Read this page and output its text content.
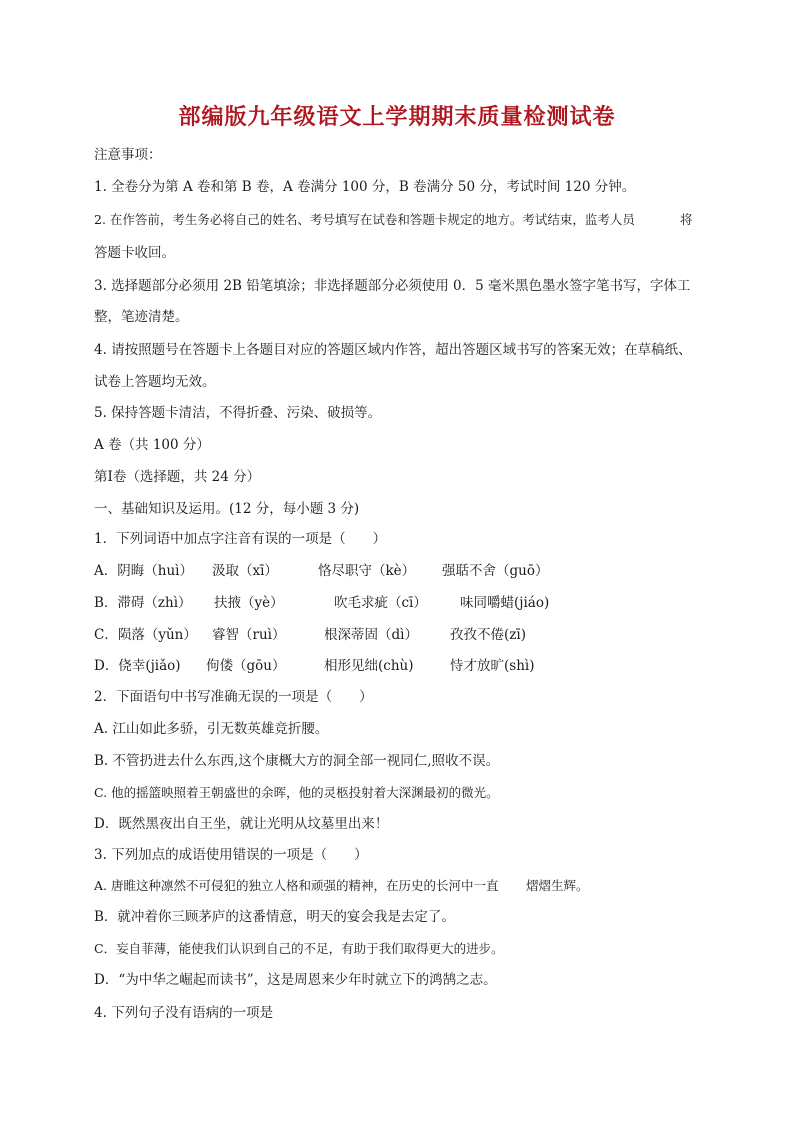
部编版九年级语文上学期期末质量检测试卷
注意事项：
1. 全卷分为第 A 卷和第 B 卷，A 卷满分 100 分，B 卷满分 50 分，考试时间 120 分钟。
2. 在作答前，考生务必将自己的姓名、考号填写在试卷和答题卡规定的地方。考试结束，监考人员	将
答题卡收回。
3. 选择题部分必须用 2B 铅笔填涂；非选择题部分必须使用 0．5 毫米黑色墨水签字笔书写，字体工
整，笔迹清楚。
4. 请按照题号在答题卡上各题目对应的答题区域内作答，超出答题区域书写的答案无效；在草稿纸、
试卷上答题均无效。
5. 保持答题卡清洁，不得折叠、污染、破损等。
A 卷（共 100 分）
第Ⅰ卷（选择题，共 24 分）
一、基础知识及运用。(12 分，每小题 3 分)
1．下列词语中加点字注音有误的一项是（　　）
A．阴晦（huì） 汲取（xī）	恪尽职守（kè） 强聒不舍（guō）
B．滞碍（zhì） 扶掖（yè）	吹毛求疵（cī） 味同嚼蜡(jiáo)
C．陨落（yǔn） 睿智（ruì）	根深蒂固（dì） 孜孜不倦(zī)
D．侥幸(jiǎo) 佝偻（gōu）	相形见绌(chù)	恃才放旷(shì)
2．下面语句中书写准确无误的一项是（　　）
A. 江山如此多骄，引无数英雄竞折腰。
B. 不管扔进去什么东西,这个康概大方的洞全部一视同仁,照收不误。
C. 他的摇篮映照着王朝盛世的余晖，他的灵柩投射着大深渊最初的微光。
D．既然黑夜出自王坐，就让光明从坟墓里出来！
3. 下列加点的成语使用错误的一项是（　　）
A. 唐睢这种凛然不可侵犯的独立人格和顽强的精神，在历史的长河中一直 熠熠生辉。
B．就冲着你三顾茅庐的这番情意，明天的宴会我是去定了。
C．妄自菲薄，能使我们认识到自己的不足，有助于我们取得更大的进步。
D．“为中华之崛起而读书”，这是周恩来少年时就立下的鸿鹄之志。
4. 下列句子没有语病的一项是
